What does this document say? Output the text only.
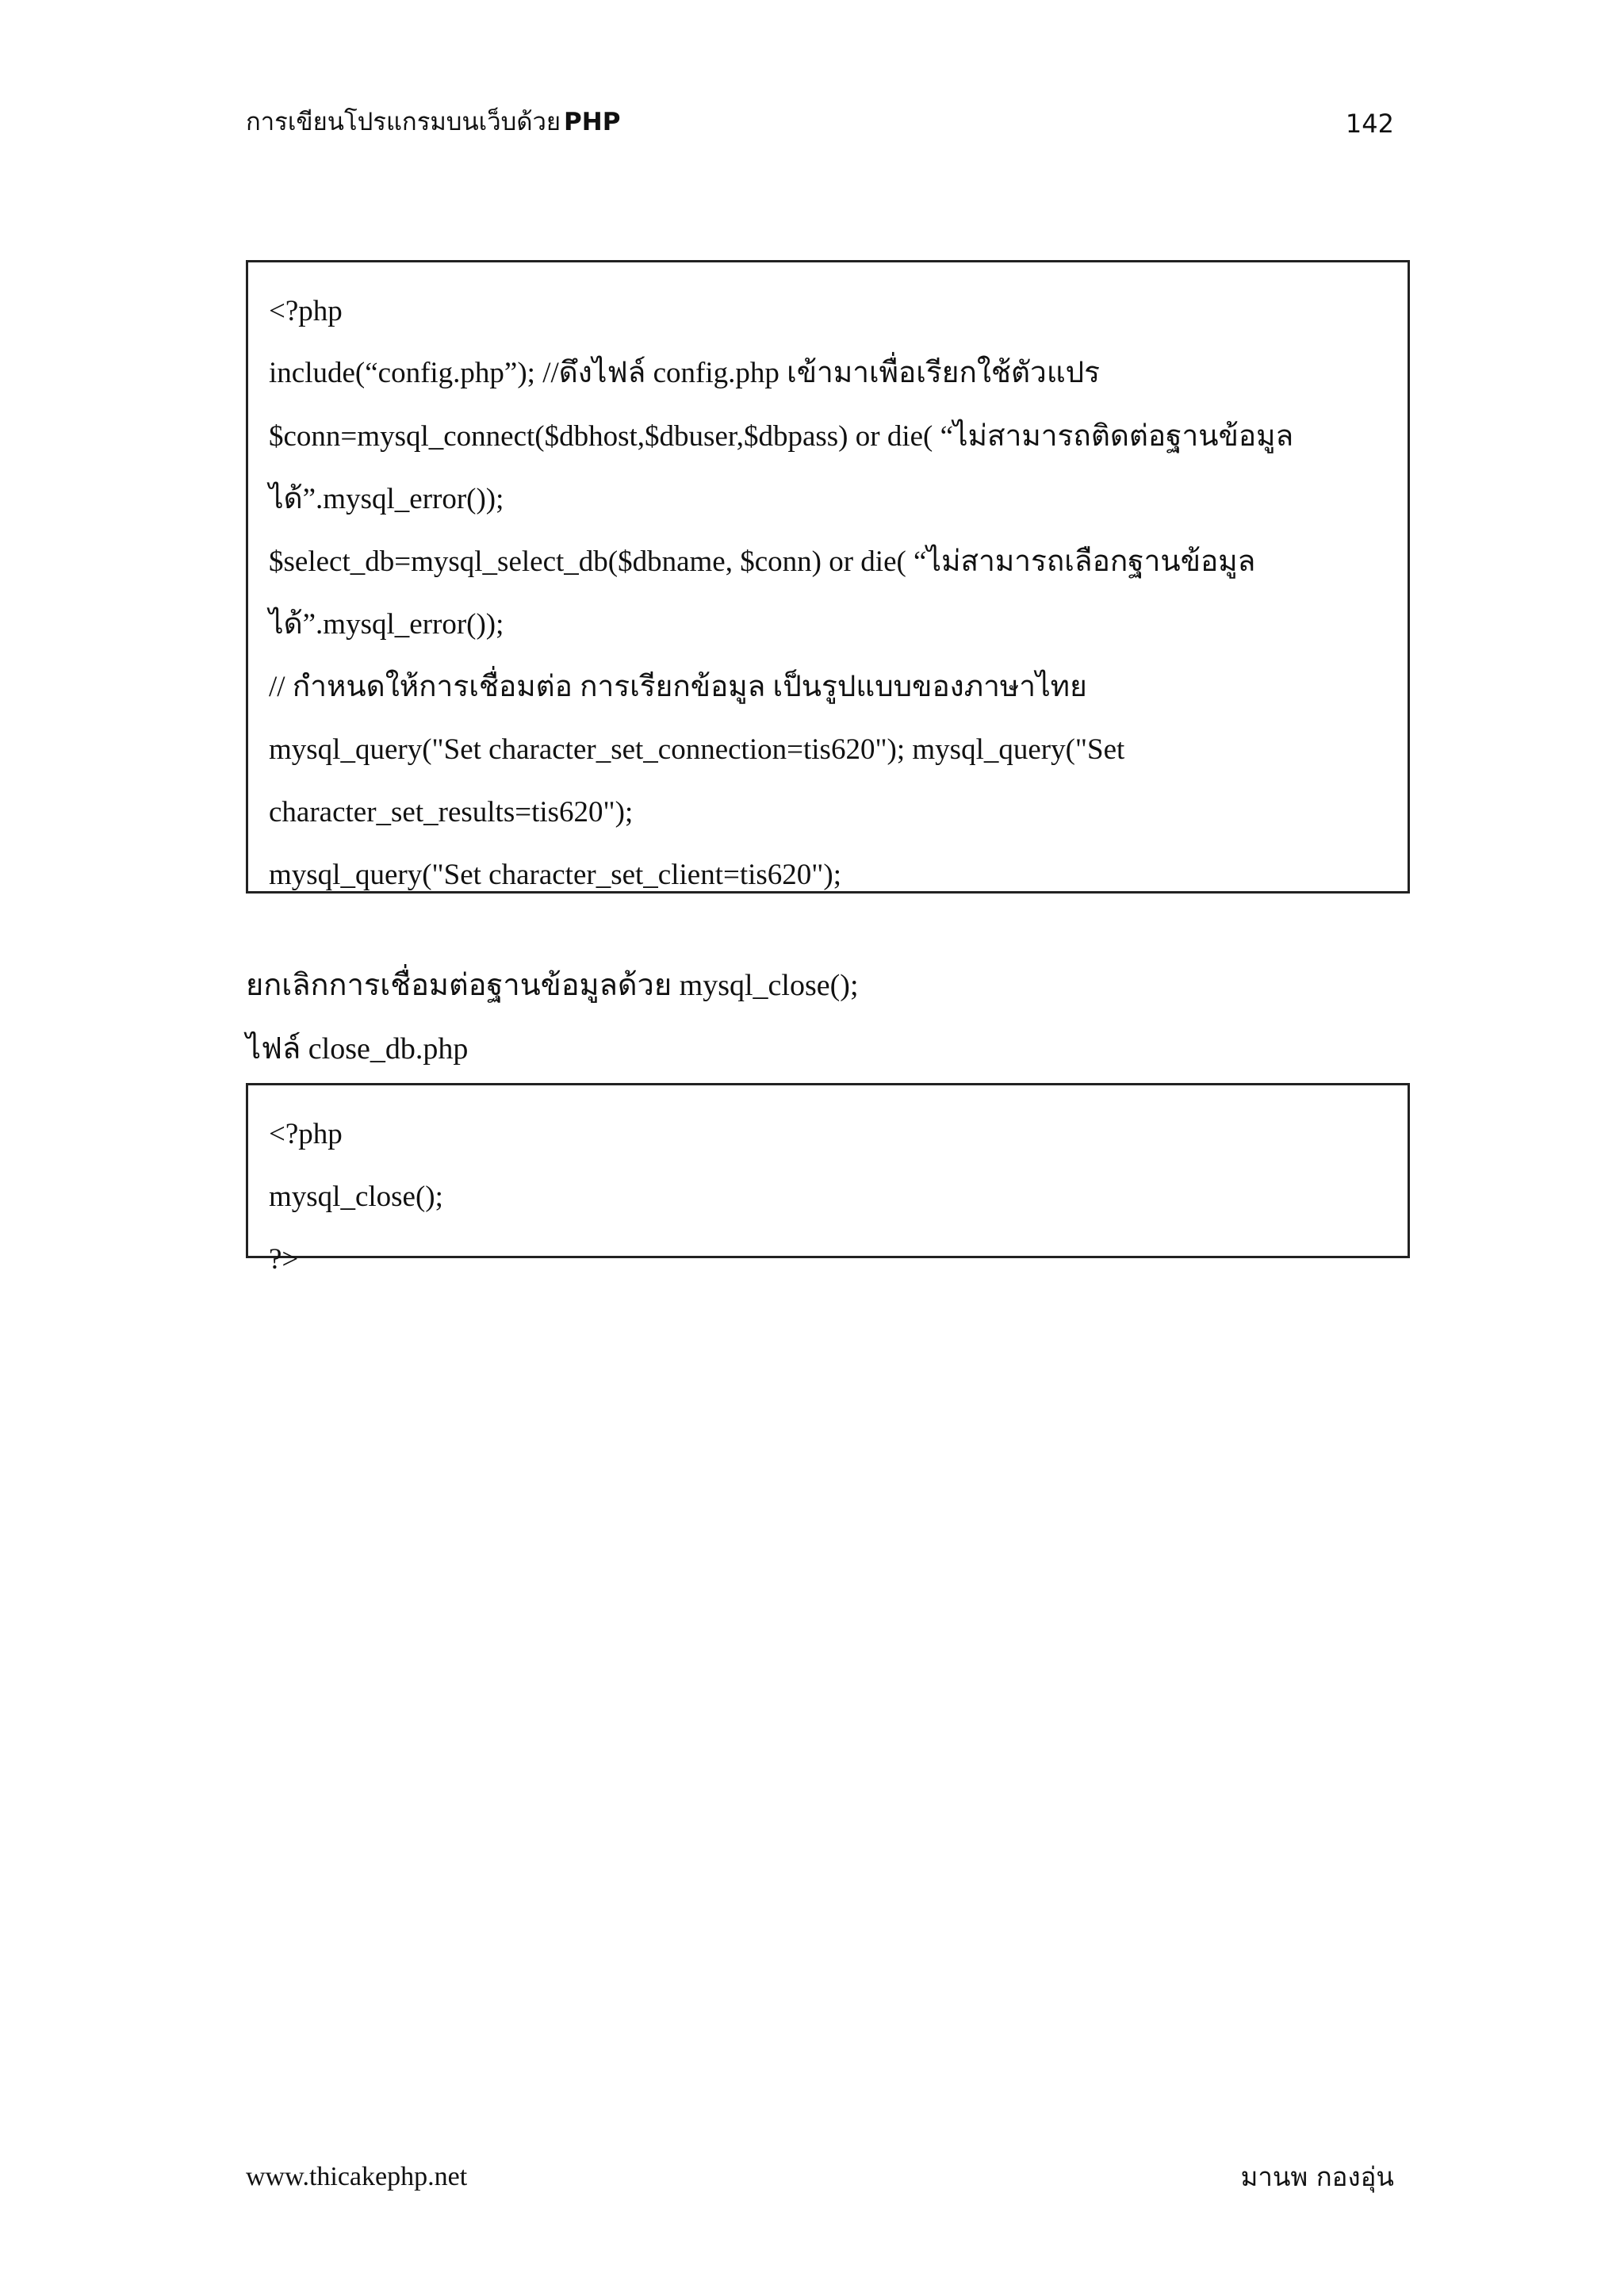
การเขียนโปรแกรมบนเว็บด้วย PHP	142
<?php
include(“config.php”); //ดึงไฟล์ config.php เข้ามาเพื่อเรียกใช้ตัวแปร
$conn=mysql_connect($dbhost,$dbuser,$dbpass) or die( “ไม่สามารถติดต่อฐานข้อมูล
ได้”.mysql_error());
$select_db=mysql_select_db($dbname, $conn) or die( “ไม่สามารถเลือกฐานข้อมูล
ได้”.mysql_error());
// กำหนดให้การเชื่อมต่อ การเรียกข้อมูล เป็นรูปแบบของภาษาไทย
mysql_query("Set character_set_connection=tis620"); mysql_query("Set
character_set_results=tis620");
mysql_query("Set character_set_client=tis620");
ยกเลิกการเชื่อมต่อฐานข้อมูลด้วย mysql_close();
ไฟล์ close_db.php
<?php
mysql_close();
?>
www.thicakephp.net	มานพ กองอุ่น
